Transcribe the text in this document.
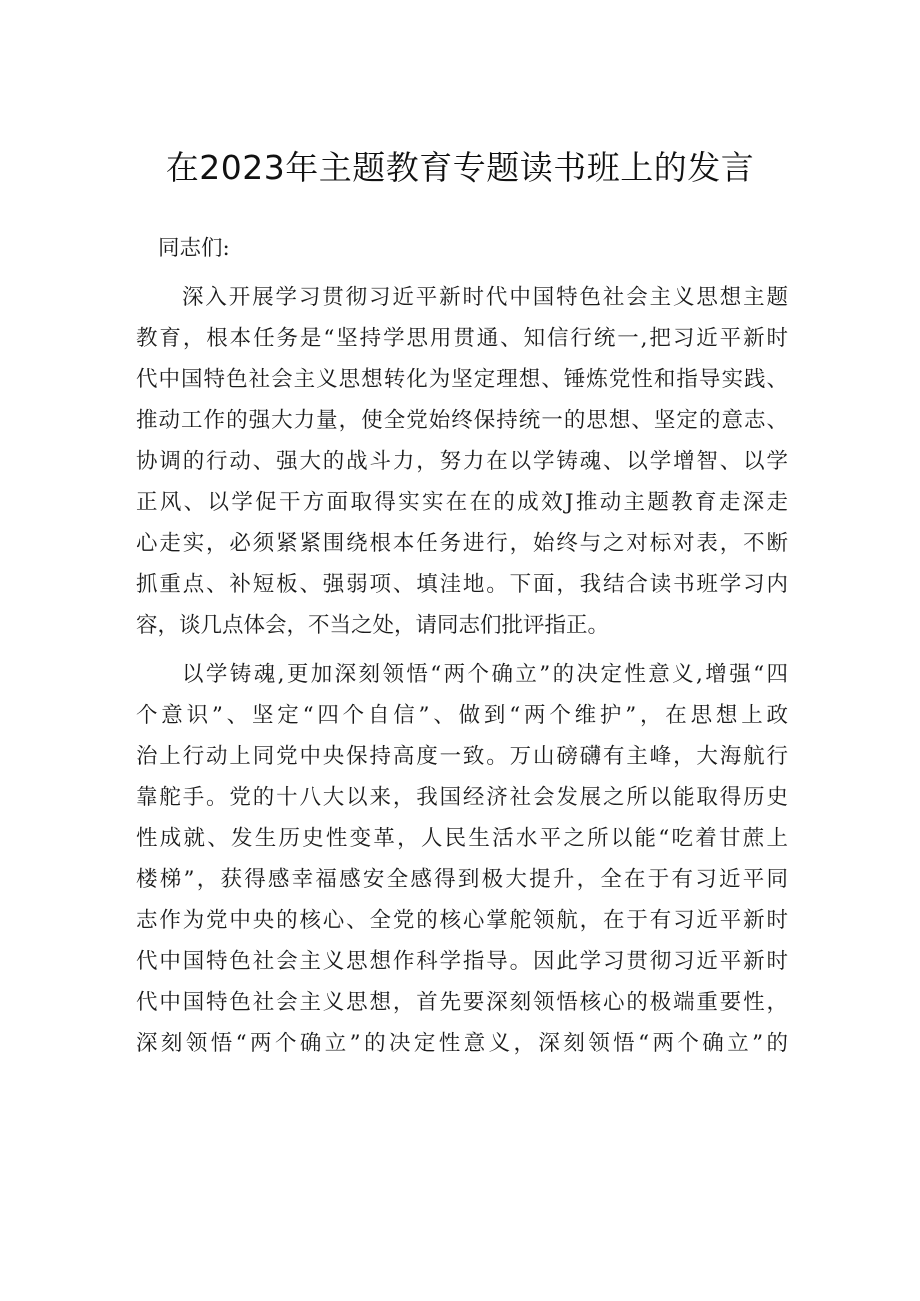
在2023年主题教育专题读书班上的发言

同志们:

深入开展学习贯彻习近平新时代中国特色社会主义思想主题

教育，根本任务是“坚持学思用贯通、知信行统一,把习近平新时

代中国特色社会主义思想转化为坚定理想、锤炼党性和指导实践、

推动工作的强大力量，使全党始终保持统一的思想、坚定的意志、

协调的行动、强大的战斗力，努力在以学铸魂、以学增智、以学

正风、以学促干方面取得实实在在的成效J推动主题教育走深走

心走实，必须紧紧围绕根本任务进行，始终与之对标对表，不断

抓重点、补短板、强弱项、填洼地。下面，我结合读书班学习内

容，谈几点体会，不当之处，请同志们批评指正。

以学铸魂,更加深刻领悟“两个确立”的决定性意义,增强“四

个意识”、坚定“四个自信”、做到“两个维护”，在思想上政

治上行动上同党中央保持高度一致。万山磅礴有主峰，大海航行

靠舵手。党的十八大以来，我国经济社会发展之所以能取得历史

性成就、发生历史性变革，人民生活水平之所以能“吃着甘蔗上

楼梯”，获得感幸福感安全感得到极大提升，全在于有习近平同

志作为党中央的核心、全党的核心掌舵领航，在于有习近平新时

代中国特色社会主义思想作科学指导。因此学习贯彻习近平新时

代中国特色社会主义思想，首先要深刻领悟核心的极端重要性，

深刻领悟“两个确立”的决定性意义，深刻领悟“两个确立”的
